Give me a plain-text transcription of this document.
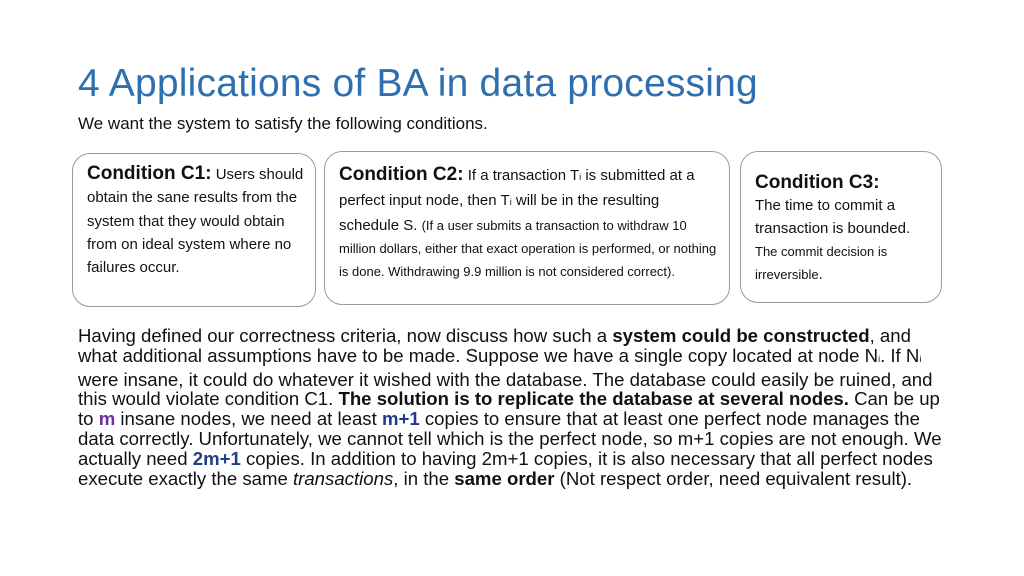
4 Applications of BA in data processing
We want the system to satisfy the following conditions.
Condition C1: Users should obtain the sane results from the system that they would obtain from on ideal system where no failures occur.
Condition C2: If a transaction Ti is submitted at a perfect input node, then Ti will be in the resulting schedule S. (If a user submits a transaction to withdraw 10 million dollars, either that exact operation is performed, or nothing is done. Withdrawing 9.9 million is not considered correct).
Condition C3:
The time to commit a transaction is bounded. The commit decision is irreversible.
Having defined our correctness criteria, now discuss how such a system could be constructed, and what additional assumptions have to be made. Suppose we have a single copy located at node Ni. If Ni were insane, it could do whatever it wished with the database. The database could easily be ruined, and this would violate condition C1. The solution is to replicate the database at several nodes. Can be up to m insane nodes, we need at least m+1 copies to ensure that at least one perfect node manages the data correctly. Unfortunately, we cannot tell which is the perfect node, so m+1 copies are not enough. We actually need 2m+1 copies. In addition to having 2m+1 copies, it is also necessary that all perfect nodes execute exactly the same transactions, in the same order (Not respect order, need equivalent result).
